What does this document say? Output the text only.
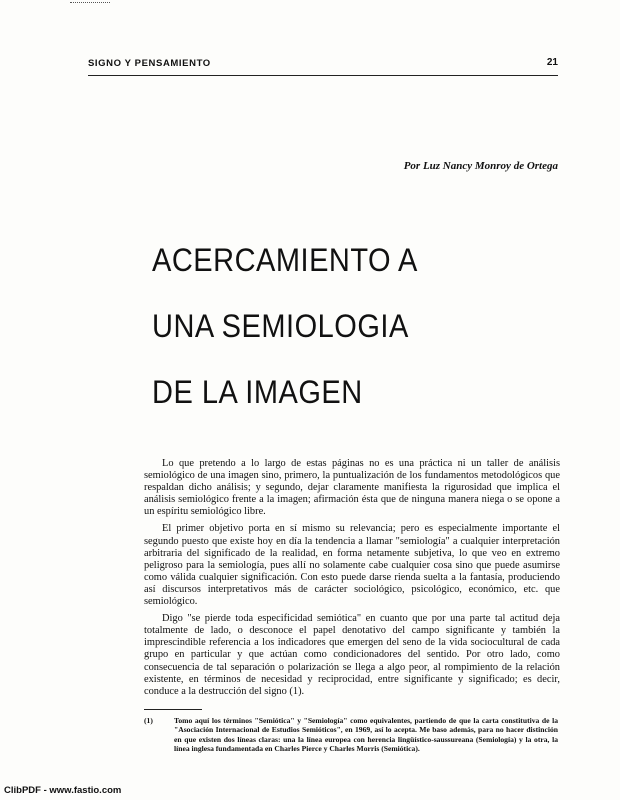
SIGNO Y PENSAMIENTO	21
Por Luz Nancy Monroy de Ortega
ACERCAMIENTO A
UNA SEMIOLOGIA
DE LA IMAGEN

Lo que pretendo a lo largo de estas páginas no es una práctica ni un taller de análisis semiológico de una imagen sino, primero, la puntualización de los fundamentos metodológicos que respaldan dicho análisis; y segundo, dejar claramente manifiesta la rigurosidad que implica el análisis semiológico frente a la imagen; afirmación ésta que de ninguna manera niega o se opone a un espíritu semiológico libre.

El primer objetivo porta en sí mismo su relevancia; pero es especialmente importante el segundo puesto que existe hoy en día la tendencia a llamar "semiología" a cualquier interpretación arbitraria del significado de la realidad, en forma netamente subjetiva, lo que veo en extremo peligroso para la semiología, pues allí no solamente cabe cualquier cosa sino que puede asumirse como válida cualquier significación. Con esto puede darse rienda suelta a la fantasía, produciendo así discursos interpretativos más de carácter sociológico, psicológico, económico, etc. que semiológico.

Digo "se pierde toda especificidad semiótica" en cuanto que por una parte tal actitud deja totalmente de lado, o desconoce el papel denotativo del campo significante y también la imprescindible referencia a los indicadores que emergen del seno de la vida sociocultural de cada grupo en particular y que actúan como condicionadores del sentido. Por otro lado, como consecuencia de tal separación o polarización se llega a algo peor, al rompimiento de la relación existente, en términos de necesidad y reciprocidad, entre significante y significado; es decir, conduce a la destrucción del signo (1).

(1)	Tomo aquí los términos "Semiótica" y "Semiología" como equivalentes, partiendo de que la carta constitutiva de la "Asociación Internacional de Estudios Semióticos", en 1969, así lo acepta. Me baso además, para no hacer distinción en que existen dos líneas claras: una la línea europea con herencia lingüístico-saussureana (Semiología) y la otra, la línea inglesa fundamentada en Charles Pierce y Charles Morris (Semiótica).
ClibPDF - www.fastio.com
